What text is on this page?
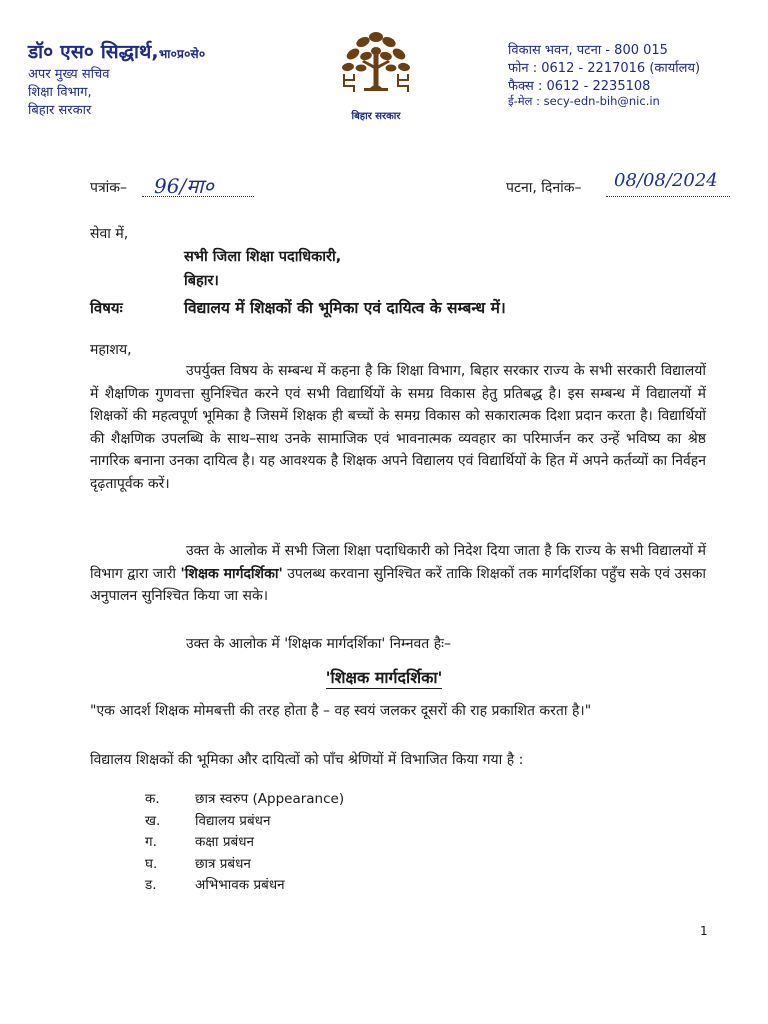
डॉ० एस० सिद्धार्थ,भा०प्र०से०
अपर मुख्य सचिव
शिक्षा विभाग,
बिहार सरकार	बिहार सरकार
विकास भवन, पटना - 800 015
फोन : 0612 - 2217016 (कार्यालय)
फैक्स : 0612 - 2235108
ई-मेल : secy-edn-bih@nic.in
पत्रांक– 96/मा०	पटना, दिनांक– 08/08/2024
सेवा में,
सभी जिला शिक्षा पदाधिकारी,
बिहार।
विषयः	विद्यालय में शिक्षकों की भूमिका एवं दायित्व के सम्बन्ध में।
महाशय,

उपर्युक्त विषय के सम्बन्ध में कहना है कि शिक्षा विभाग, बिहार सरकार राज्य के सभी सरकारी विद्यालयों में शैक्षणिक गुणवत्ता सुनिश्चित करने एवं सभी विद्यार्थियों के समग्र विकास हेतु प्रतिबद्ध है। इस सम्बन्ध में विद्यालयों में शिक्षकों की महत्वपूर्ण भूमिका है जिसमें शिक्षक ही बच्चों के समग्र विकास को सकारात्मक दिशा प्रदान करता है। विद्यार्थियों की शैक्षणिक उपलब्धि के साथ–साथ उनके सामाजिक एवं भावनात्मक व्यवहार का परिमार्जन कर उन्हें भविष्य का श्रेष्ठ नागरिक बनाना उनका दायित्व है। यह आवश्यक है शिक्षक अपने विद्यालय एवं विद्यार्थियों के हित में अपने कर्तव्यों का निर्वहन दृढ़तापूर्वक करें।

उक्त के आलोक में सभी जिला शिक्षा पदाधिकारी को निदेश दिया जाता है कि राज्य के सभी विद्यालयों में विभाग द्वारा जारी 'शिक्षक मार्गदर्शिका' उपलब्ध करवाना सुनिश्चित करें ताकि शिक्षकों तक मार्गदर्शिका पहुँच सके एवं उसका अनुपालन सुनिश्चित किया जा सके।

उक्त के आलोक में 'शिक्षक मार्गदर्शिका' निम्नवत हैः–

'शिक्षक मार्गदर्शिका'
"एक आदर्श शिक्षक मोमबत्ती की तरह होता है – वह स्वयं जलकर दूसरों की राह प्रकाशित करता है।"
विद्यालय शिक्षकों की भूमिका और दायित्वों को पाँच श्रेणियों में विभाजित किया गया है :
क.	छात्र स्वरुप (Appearance)
ख.	विद्यालय प्रबंधन
ग.	कक्षा प्रबंधन
घ.	छात्र प्रबंधन
ड.	अभिभावक प्रबंधन
1
